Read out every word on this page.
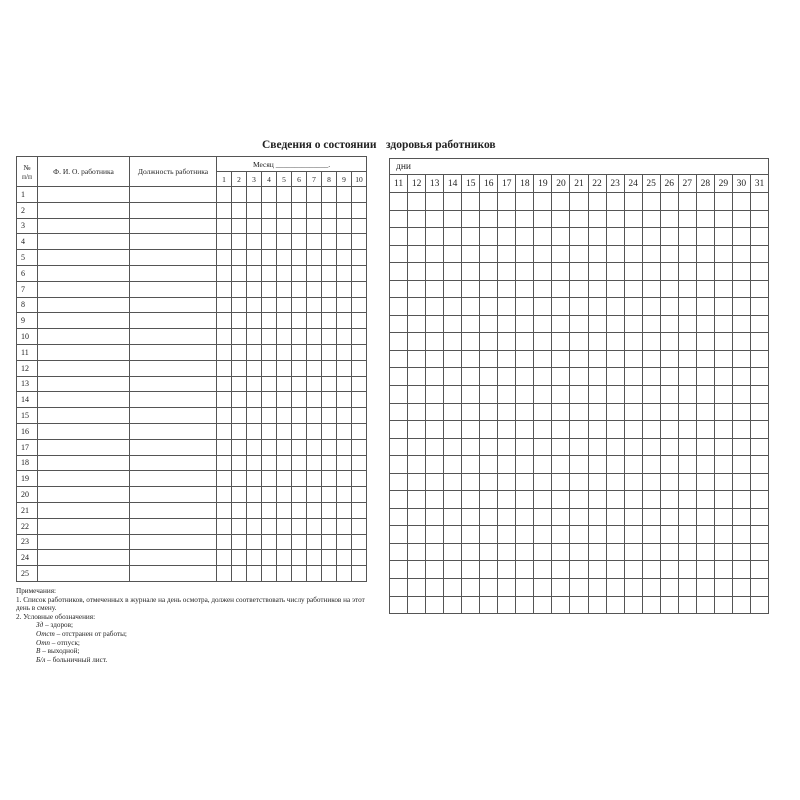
Сведения о состоянии здоровья работников
№
п/п	Ф. И. О. работника	Должность работника	Месяц ______________.									
			1	2	3	4	5	6	7	8	9	10
1												
2												
3												
4												
5												
6												
7												
8												
9												
10												
11												
12												
13												
14												
15												
16												
17												
18												
19												
20												
21												
22												
23												
24												
25												
дни																				
11	12	13	14	15	16	17	18	19	20	21	22	23	24	25	26	27	28	29	30	31

Примечания:
1. Список работников, отмеченных в журнале на день осмотра, должен соответствовать числу работников на этот день в смену.
2. Условные обозначения:
Зд – здоров;
Отст – отстранен от работы;
Отп – отпуск;
В – выходной;
Б/л – больничный лист.
